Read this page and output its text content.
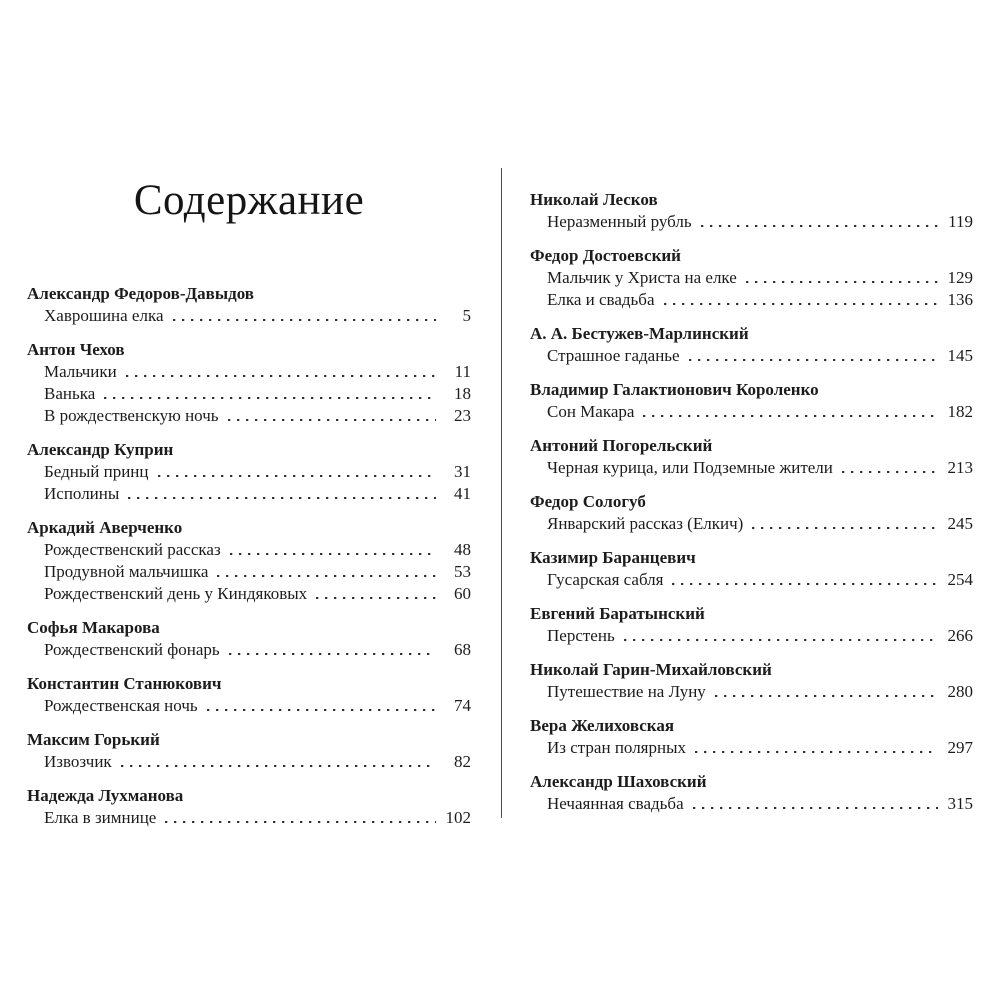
Содержание
Александр Федоров-Давыдов
Хаврошина елка	5
Антон Чехов
Мальчики	11
Ванька	18
В рождественскую ночь	23
Александр Куприн
Бедный принц	31
Исполины	41
Аркадий Аверченко
Рождественский рассказ	48
Продувной мальчишка	53
Рождественский день у Киндяковых	60
Софья Макарова
Рождественский фонарь	68
Константин Станюкович
Рождественская ночь	74
Максим Горький
Извозчик	82
Надежда Лухманова
Елка в зимнице	102
Николай Лесков
Неразменный рубль	119
Федор Достоевский
Мальчик у Христа на елке	129
Елка и свадьба	136
А. А. Бестужев-Марлинский
Страшное гаданье	145
Владимир Галактионович Короленко
Сон Макара	182
Антоний Погорельский
Черная курица, или Подземные жители	213
Федор Сологуб
Январский рассказ (Елкич)	245
Казимир Баранцевич
Гусарская сабля	254
Евгений Баратынский
Перстень	266
Николай Гарин-Михайловский
Путешествие на Луну	280
Вера Желиховская
Из стран полярных	297
Александр Шаховский
Нечаянная свадьба	315
